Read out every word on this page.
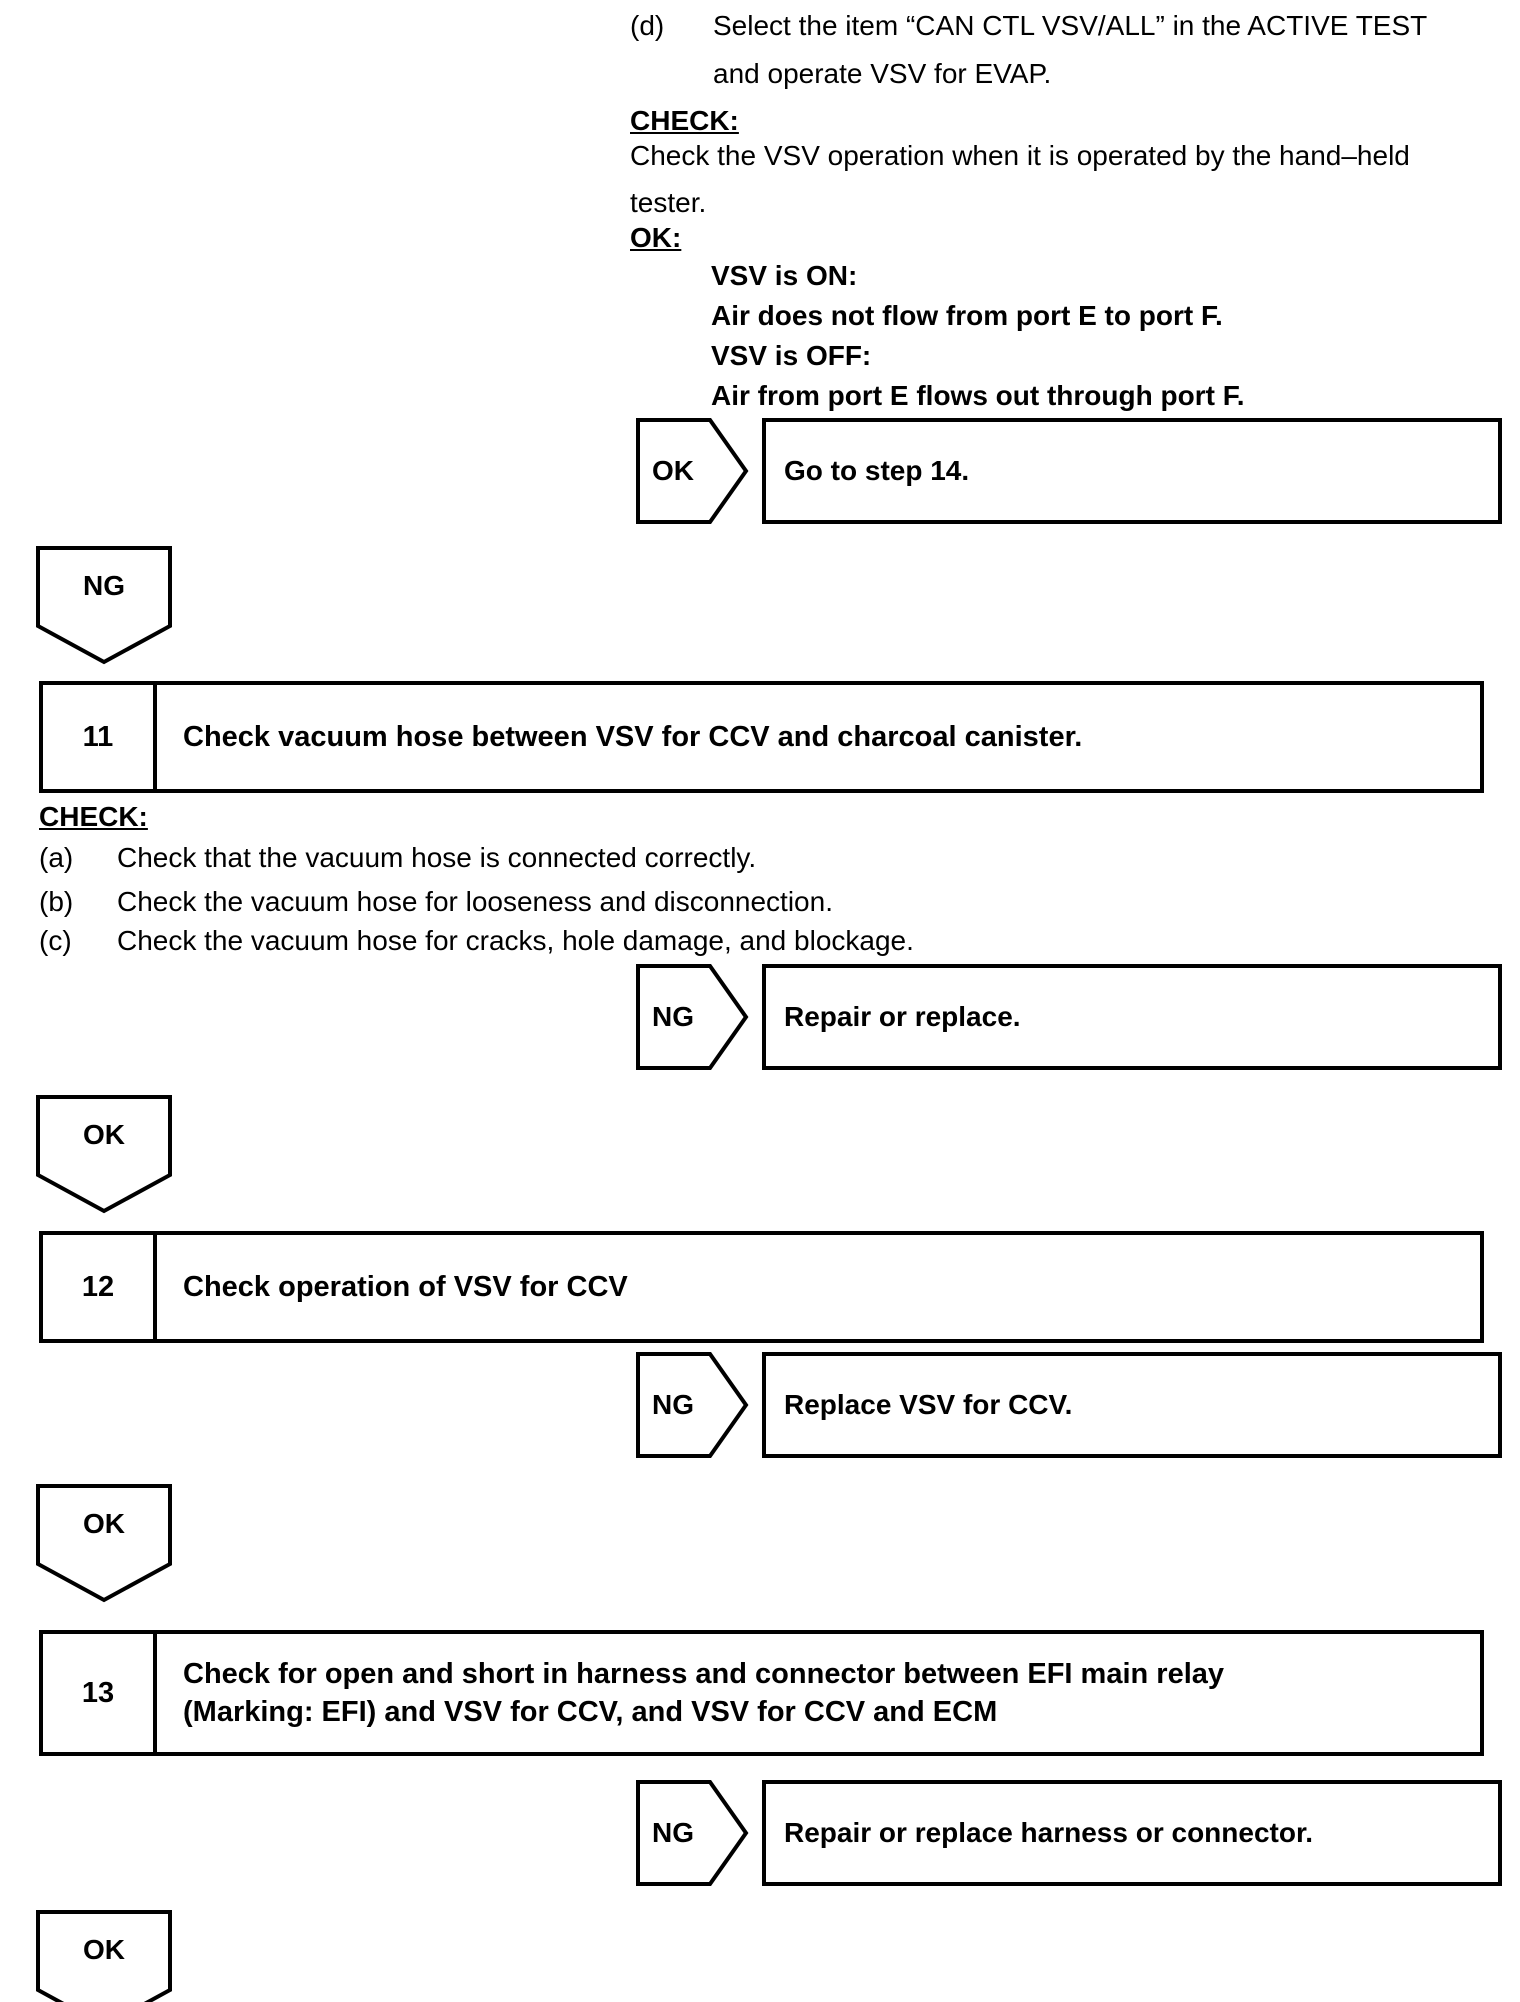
(d) Select the item “CAN CTL VSV/ALL” in the ACTIVE TEST
and operate VSV for EVAP.
CHECK:
Check the VSV operation when it is operated by the hand–held
tester.
OK:
VSV is ON:
Air does not flow from port E to port F.
VSV is OFF:
Air from port E flows out through port F.
OK	Go to step 14.
NG
11	Check vacuum hose between VSV for CCV and charcoal canister.
CHECK:
(a)	Check that the vacuum hose is connected correctly.
(b)	Check the vacuum hose for looseness and disconnection.
(c)	Check the vacuum hose for cracks, hole damage, and blockage.
NG	Repair or replace.
OK
12	Check operation of VSV for CCV
NG	Replace VSV for CCV.
OK
13
Check for open and short in harness and connector between EFI main relay
(Marking: EFI) and VSV for CCV, and VSV for CCV and ECM
NG	Repair or replace harness or connector.
OK
